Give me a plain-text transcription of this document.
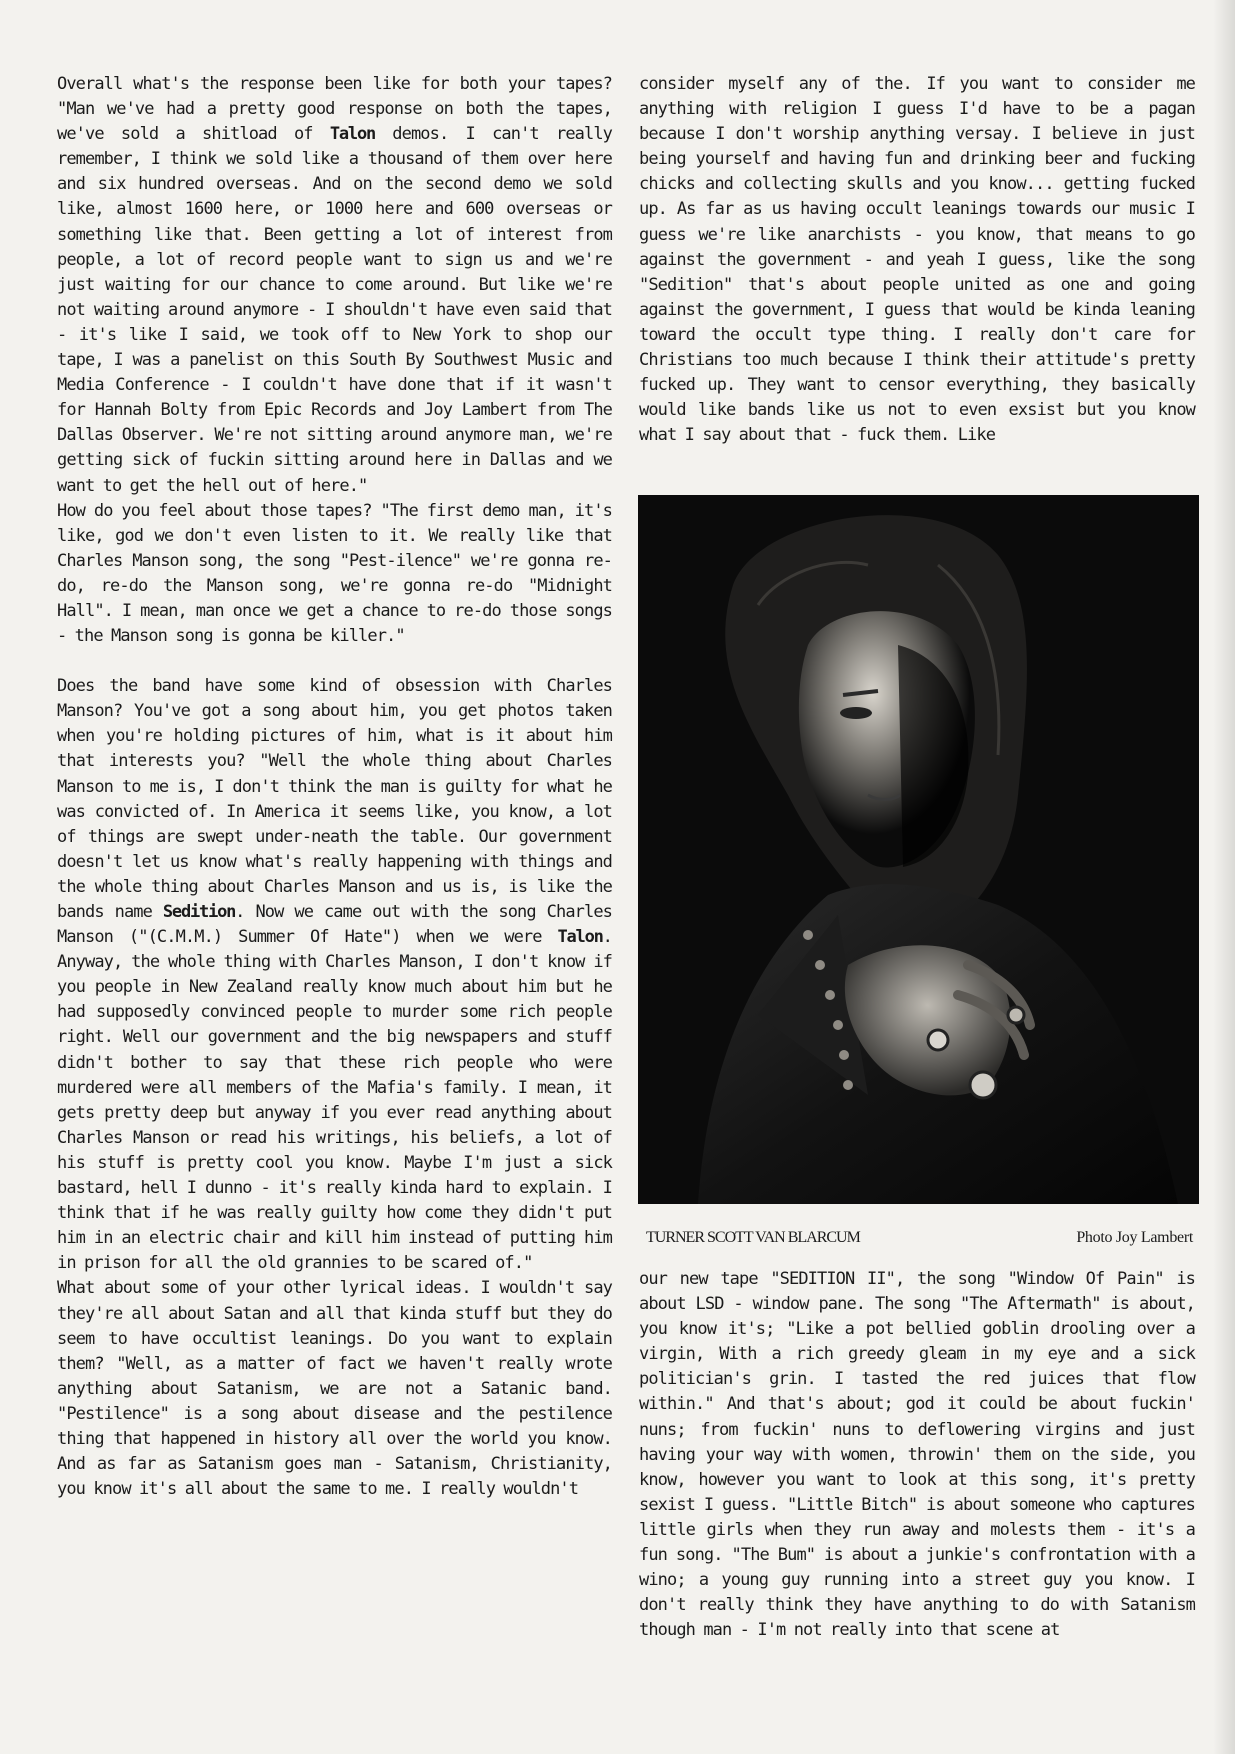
Overall what's the response been like for both your tapes? "Man we've had a pretty good response on both the tapes, we've sold a shitload of Talon demos. I can't really remember, I think we sold like a thousand of them over here and six hundred overseas. And on the second demo we sold like, almost 1600 here, or 1000 here and 600 overseas or something like that. Been getting a lot of interest from people, a lot of record people want to sign us and we're just waiting for our chance to come around. But like we're not waiting around anymore - I shouldn't have even said that - it's like I said, we took off to New York to shop our tape, I was a panelist on this South By Southwest Music and Media Conference - I couldn't have done that if it wasn't for Hannah Bolty from Epic Records and Joy Lambert from The Dallas Observer. We're not sitting around anymore man, we're getting sick of fuckin sitting around here in Dallas and we want to get the hell out of here."

How do you feel about those tapes? "The first demo man, it's like, god we don't even listen to it. We really like that Charles Manson song, the song "Pest-ilence" we're gonna re-do, re-do the Manson song, we're gonna re-do "Midnight Hall". I mean, man once we get a chance to re-do those songs - the Manson song is gonna be killer."

Does the band have some kind of obsession with Charles Manson? You've got a song about him, you get photos taken when you're holding pictures of him, what is it about him that interests you? "Well the whole thing about Charles Manson to me is, I don't think the man is guilty for what he was convicted of. In America it seems like, you know, a lot of things are swept under-neath the table. Our government doesn't let us know what's really happening with things and the whole thing about Charles Manson and us is, is like the bands name Sedition. Now we came out with the song Charles Manson ("(C.M.M.) Summer Of Hate") when we were Talon. Anyway, the whole thing with Charles Manson, I don't know if you people in New Zealand really know much about him but he had supposedly convinced people to murder some rich people right. Well our government and the big newspapers and stuff didn't bother to say that these rich people who were murdered were all members of the Mafia's family. I mean, it gets pretty deep but anyway if you ever read anything about Charles Manson or read his writings, his beliefs, a lot of his stuff is pretty cool you know. Maybe I'm just a sick bastard, hell I dunno - it's really kinda hard to explain. I think that if he was really guilty how come they didn't put him in an electric chair and kill him instead of putting him in prison for all the old grannies to be scared of."

What about some of your other lyrical ideas. I wouldn't say they're all about Satan and all that kinda stuff but they do seem to have occultist leanings. Do you want to explain them? "Well, as a matter of fact we haven't really wrote anything about Satanism, we are not a Satanic band. "Pestilence" is a song about disease and the pestilence thing that happened in history all over the world you know. And as far as Satanism goes man - Satanism, Christianity, you know it's all about the same to me. I really wouldn't

consider myself any of the. If you want to consider me anything with religion I guess I'd have to be a pagan because I don't worship anything versay. I believe in just being yourself and having fun and drinking beer and fucking chicks and collecting skulls and you know... getting fucked up. As far as us having occult leanings towards our music I guess we're like anarchists - you know, that means to go against the government - and yeah I guess, like the song "Sedition" that's about people united as one and going against the government, I guess that would be kinda leaning toward the occult type thing. I really don't care for Christians too much because I think their attitude's pretty fucked up. They want to censor everything, they basically would like bands like us not to even exsist but you know what I say about that - fuck them. Like

TURNER SCOTT VAN BLARCUM	Photo Joy Lambert

our new tape "SEDITION II", the song "Window Of Pain" is about LSD - window pane. The song "The Aftermath" is about, you know it's; "Like a pot bellied goblin drooling over a virgin, With a rich greedy gleam in my eye and a sick politician's grin. I tasted the red juices that flow within." And that's about; god it could be about fuckin' nuns; from fuckin' nuns to deflowering virgins and just having your way with women, throwin' them on the side, you know, however you want to look at this song, it's pretty sexist I guess. "Little Bitch" is about someone who captures little girls when they run away and molests them - it's a fun song. "The Bum" is about a junkie's confrontation with a wino; a young guy running into a street guy you know. I don't really think they have anything to do with Satanism though man - I'm not really into that scene at
